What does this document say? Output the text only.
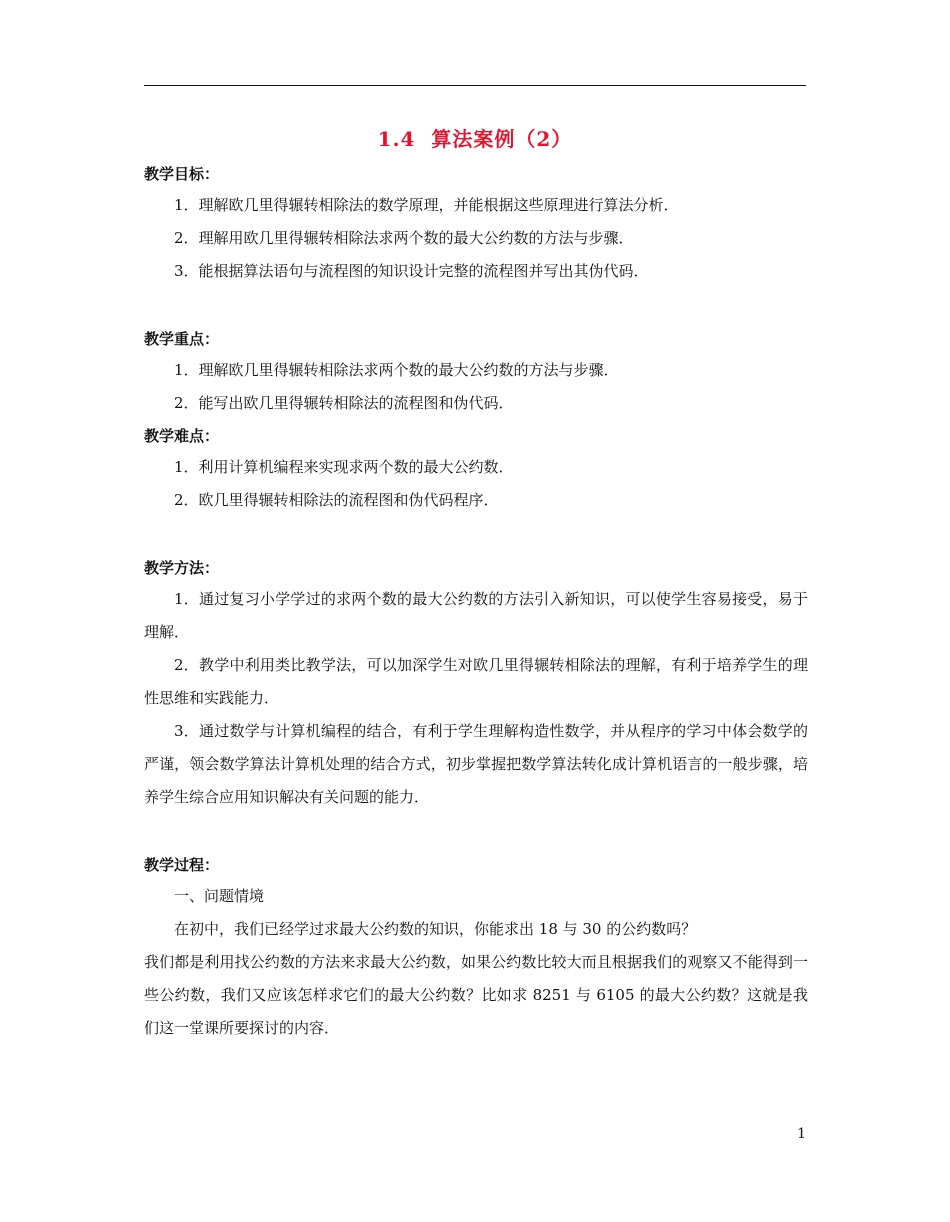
1.4  算法案例（2）
教学目标：
1．理解欧几里得辗转相除法的数学原理，并能根据这些原理进行算法分析．
2．理解用欧几里得辗转相除法求两个数的最大公约数的方法与步骤．
3．能根据算法语句与流程图的知识设计完整的流程图并写出其伪代码．
教学重点：
1．理解欧几里得辗转相除法求两个数的最大公约数的方法与步骤．
2．能写出欧几里得辗转相除法的流程图和伪代码．
教学难点：
1．利用计算机编程来实现求两个数的最大公约数．
2．欧几里得辗转相除法的流程图和伪代码程序．
教学方法：
1．通过复习小学学过的求两个数的最大公约数的方法引入新知识，可以使学生容易接受，易于理解．
2．教学中利用类比教学法，可以加深学生对欧几里得辗转相除法的理解，有利于培养学生的理性思维和实践能力．
3．通过数学与计算机编程的结合，有利于学生理解构造性数学，并从程序的学习中体会数学的严谨，领会数学算法计算机处理的结合方式，初步掌握把数学算法转化成计算机语言的一般步骤，培养学生综合应用知识解决有关问题的能力．
教学过程：
一、问题情境
在初中，我们已经学过求最大公约数的知识，你能求出 18 与 30 的公约数吗？
我们都是利用找公约数的方法来求最大公约数，如果公约数比较大而且根据我们的观察又不能得到一些公约数，我们又应该怎样求它们的最大公约数？比如求 8251 与 6105 的最大公约数？这就是我们这一堂课所要探讨的内容．
1
